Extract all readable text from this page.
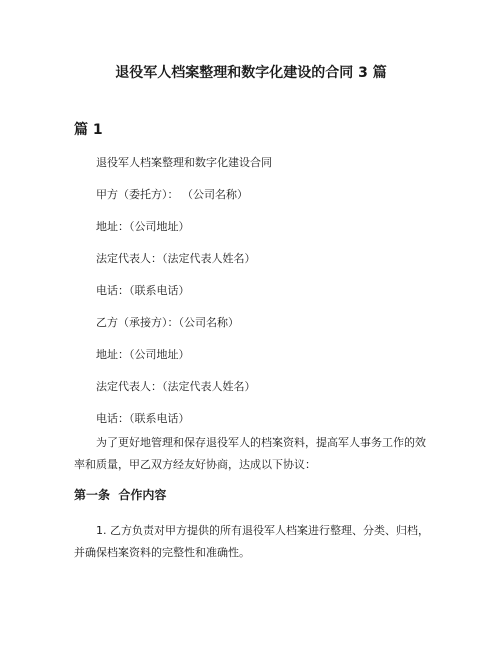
退役军人档案整理和数字化建设的合同 3 篇
篇 1
退役军人档案整理和数字化建设合同
甲方（委托方）： （公司名称）
地址：（公司地址）
法定代表人：（法定代表人姓名）
电话：（联系电话）
乙方（承接方）：（公司名称）
地址：（公司地址）
法定代表人：（法定代表人姓名）
电话：（联系电话）
为了更好地管理和保存退役军人的档案资料，提高军人事务工作的效率和质量，甲乙双方经友好协商，达成以下协议：
第一条  合作内容
1. 乙方负责对甲方提供的所有退役军人档案进行整理、分类、归档，并确保档案资料的完整性和准确性。
